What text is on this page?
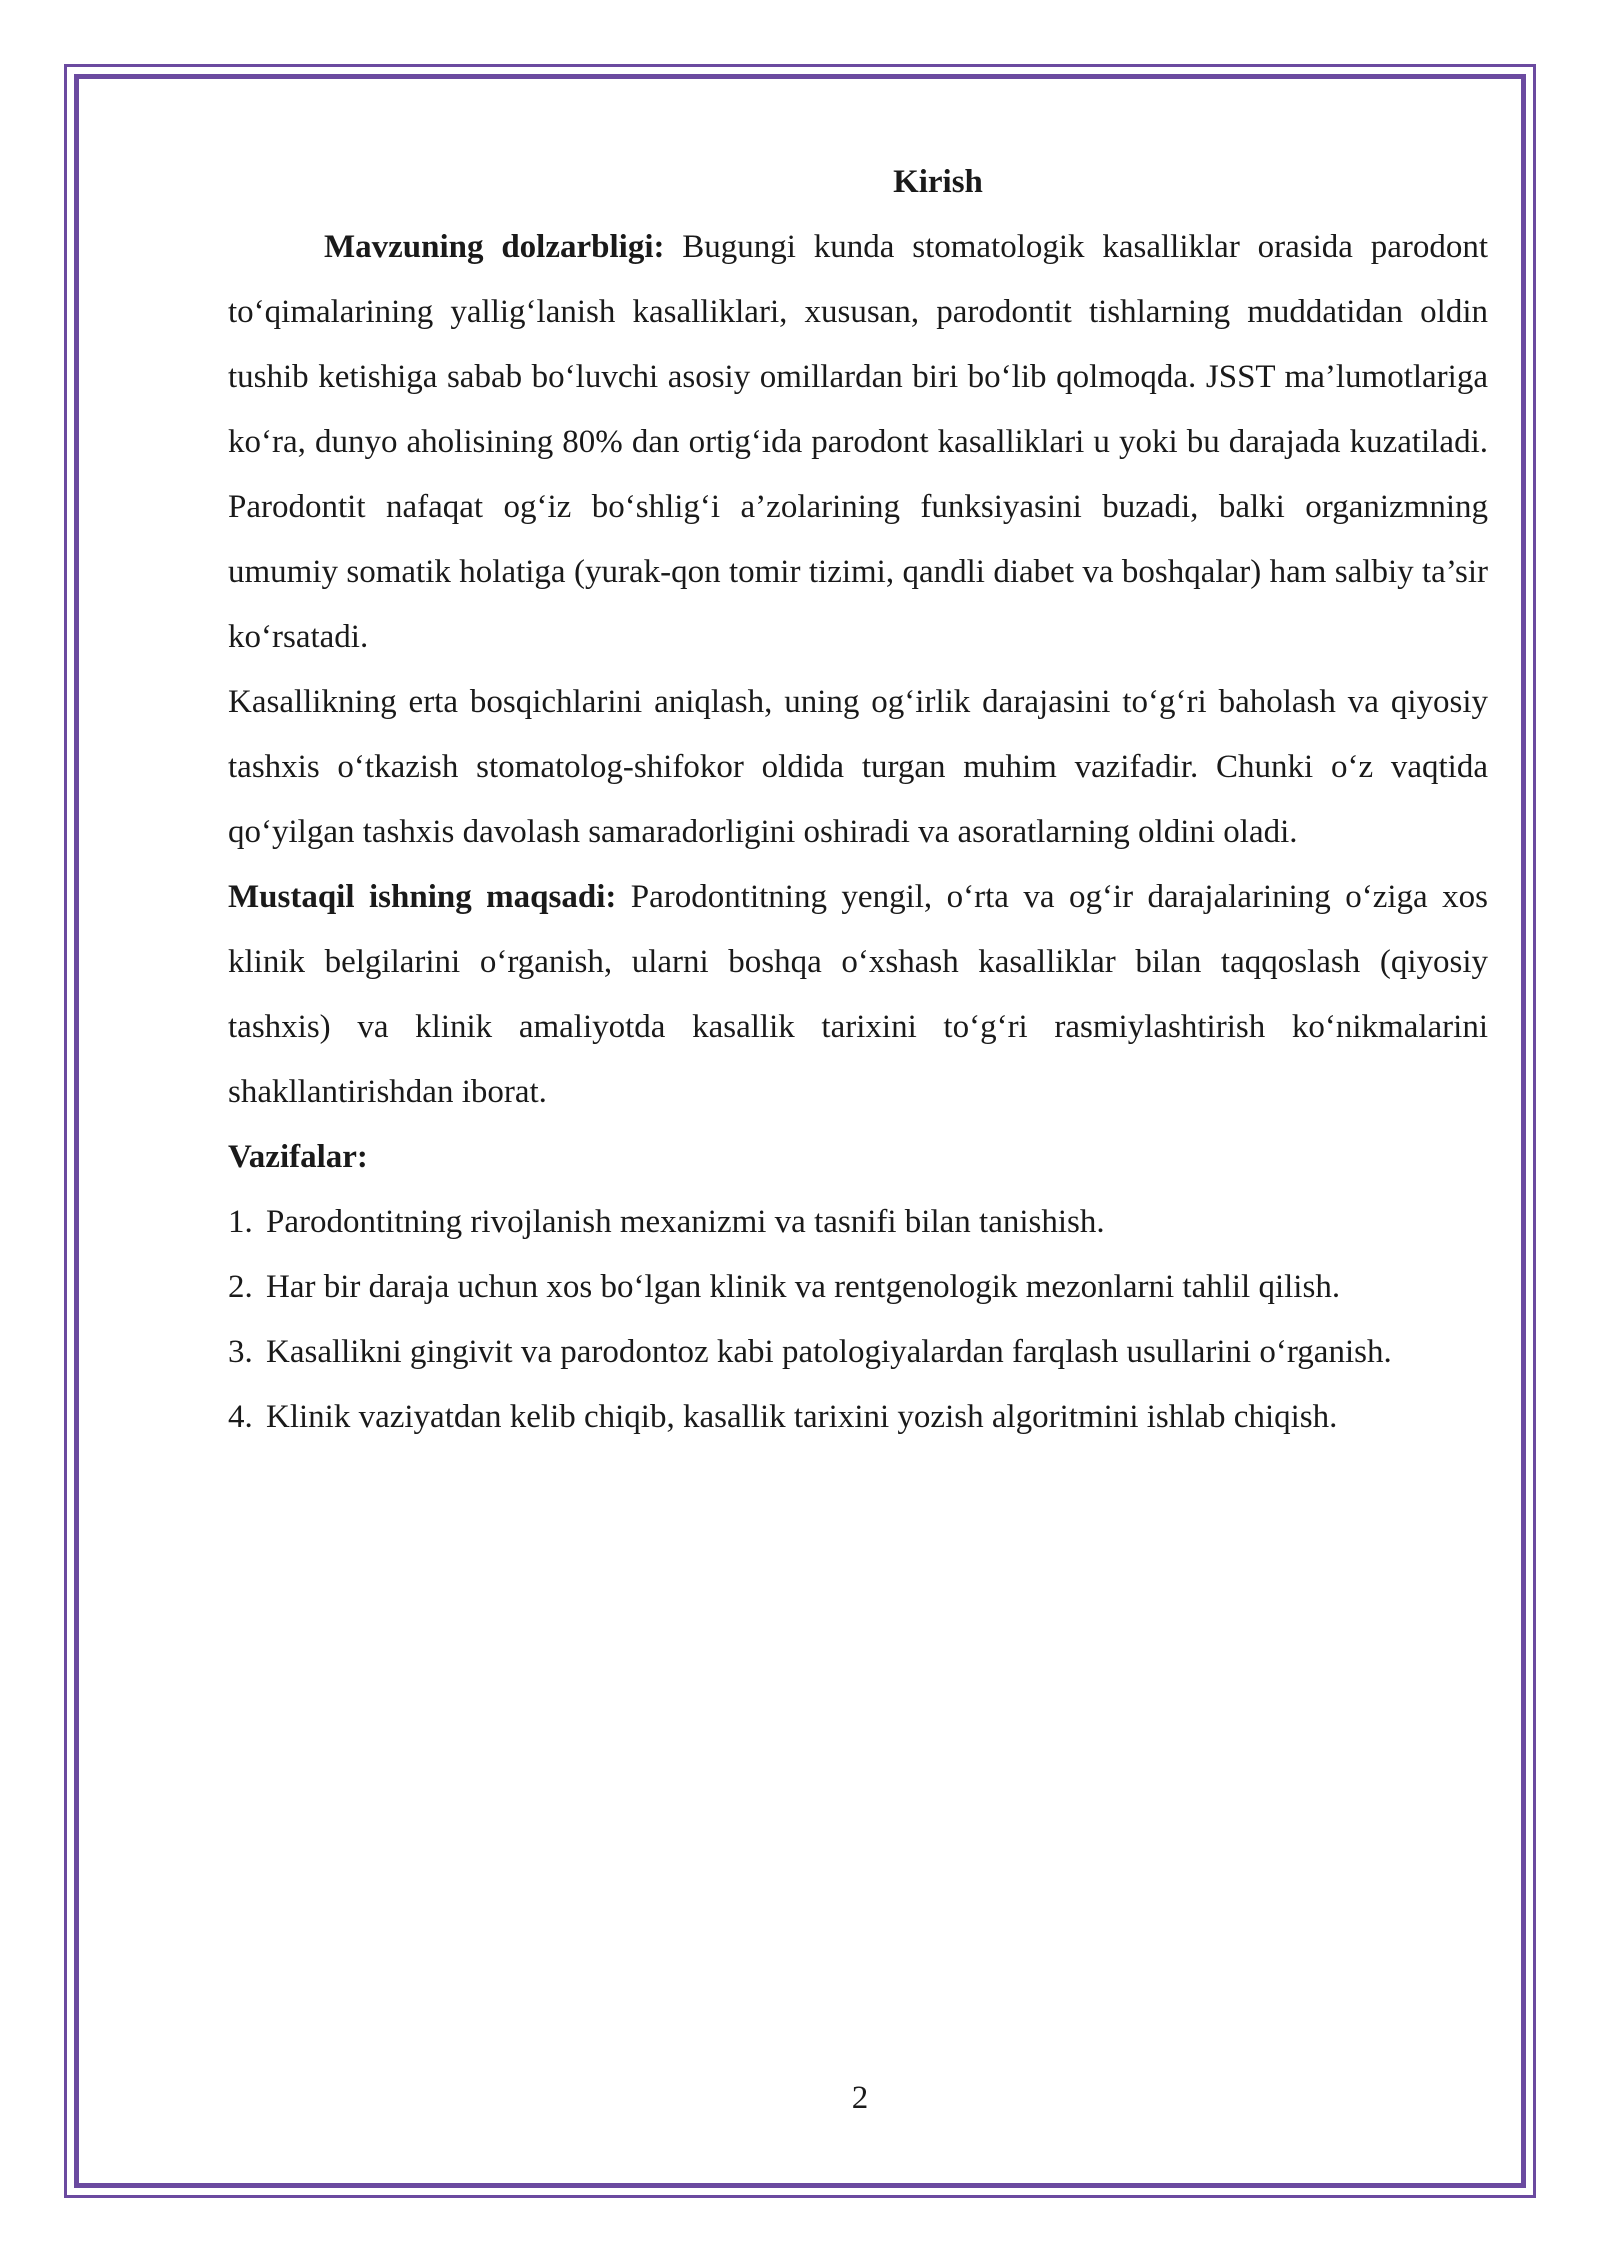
Kirish

Mavzuning dolzarbligi: Bugungi kunda stomatologik kasalliklar orasida parodont to‘qimalarining yallig‘lanish kasalliklari, xususan, parodontit tishlarning muddatidan oldin tushib ketishiga sabab bo‘luvchi asosiy omillardan biri bo‘lib qolmoqda. JSST ma’lumotlariga ko‘ra, dunyo aholisining 80% dan ortig‘ida parodont kasalliklari u yoki bu darajada kuzatiladi. Parodontit nafaqat og‘iz bo‘shlig‘i a’zolarining funksiyasini buzadi, balki organizmning umumiy somatik holatiga (yurak-qon tomir tizimi, qandli diabet va boshqalar) ham salbiy ta’sir ko‘rsatadi.

Kasallikning erta bosqichlarini aniqlash, uning og‘irlik darajasini to‘g‘ri baholash va qiyosiy tashxis o‘tkazish stomatolog-shifokor oldida turgan muhim vazifadir. Chunki o‘z vaqtida qo‘yilgan tashxis davolash samaradorligini oshiradi va asoratlarning oldini oladi.

Mustaqil ishning maqsadi: Parodontitning yengil, o‘rta va og‘ir darajalarining o‘ziga xos klinik belgilarini o‘rganish, ularni boshqa o‘xshash kasalliklar bilan taqqoslash (qiyosiy tashxis) va klinik amaliyotda kasallik tarixini to‘g‘ri rasmiylashtirish ko‘nikmalarini shakllantirishdan iborat.

Vazifalar:

1. Parodontitning rivojlanish mexanizmi va tasnifi bilan tanishish.
2. Har bir daraja uchun xos bo‘lgan klinik va rentgenologik mezonlarni tahlil qilish.
3. Kasallikni gingivit va parodontoz kabi patologiyalardan farqlash usullarini o‘rganish.
4. Klinik vaziyatdan kelib chiqib, kasallik tarixini yozish algoritmini ishlab chiqish.
2
